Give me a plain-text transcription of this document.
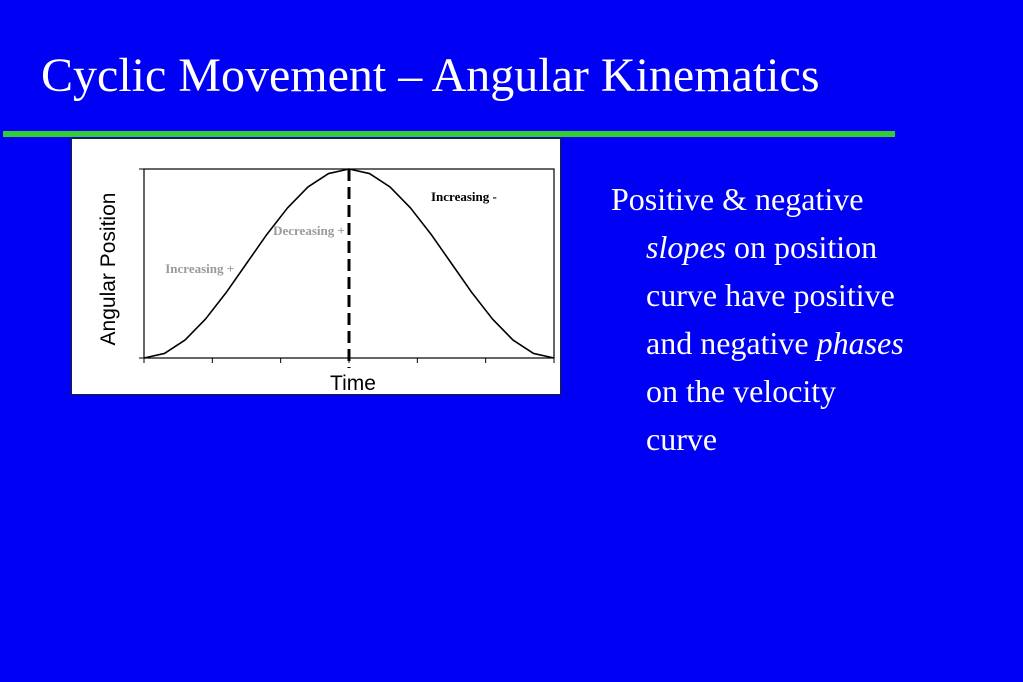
Cyclic Movement – Angular Kinematics
Increasing +
Decreasing +
Increasing -
Angular Position
Time

Positive & negative
slopes on position
curve have positive
and negative phases
on the velocity
curve
